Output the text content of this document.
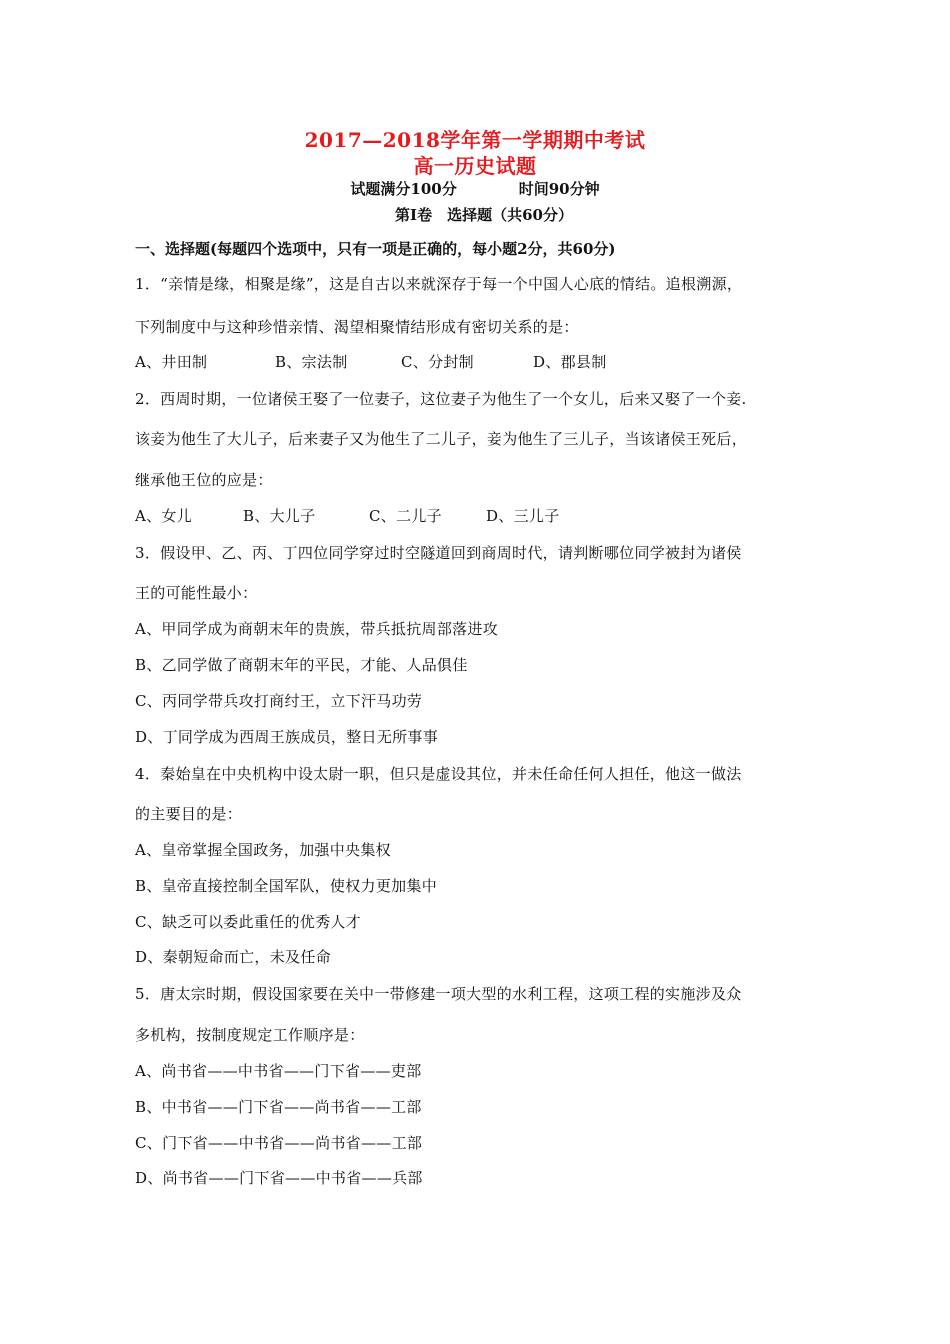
2017—2018学年第一学期期中考试
高一历史试题
试题满分100分	时间90分钟
第Ⅰ卷　选择题（共60分）
一、选择题(每题四个选项中，只有一项是正确的，每小题2分，共60分)
1．“亲情是缘，相聚是缘”，这是自古以来就深存于每一个中国人心底的情结。追根溯源，
下列制度中与这种珍惜亲情、渴望相聚情结形成有密切关系的是：
A、井田制	B、宗法制	C、分封制	D、郡县制
2．西周时期，一位诸侯王娶了一位妻子，这位妻子为他生了一个女儿，后来又娶了一个妾.
该妾为他生了大儿子，后来妻子又为他生了二儿子，妾为他生了三儿子，当该诸侯王死后，
继承他王位的应是：
A、女儿	B、大儿子	C、二儿子	D、三儿子
3．假设甲、乙、丙、丁四位同学穿过时空隧道回到商周时代，请判断哪位同学被封为诸侯
王的可能性最小：
A、甲同学成为商朝末年的贵族，带兵抵抗周部落进攻
B、乙同学做了商朝末年的平民，才能、人品俱佳
C、丙同学带兵攻打商纣王，立下汗马功劳
D、丁同学成为西周王族成员，整日无所事事
4．秦始皇在中央机构中设太尉一职，但只是虚设其位，并未任命任何人担任，他这一做法
的主要目的是：
A、皇帝掌握全国政务，加强中央集权
B、皇帝直接控制全国军队，使权力更加集中
C、缺乏可以委此重任的优秀人才
D、秦朝短命而亡，未及任命
5．唐太宗时期，假设国家要在关中一带修建一项大型的水利工程，这项工程的实施涉及众
多机构，按制度规定工作顺序是：
A、尚书省——中书省——门下省——吏部
B、中书省——门下省——尚书省——工部
C、门下省——中书省——尚书省——工部
D、尚书省——门下省——中书省——兵部
